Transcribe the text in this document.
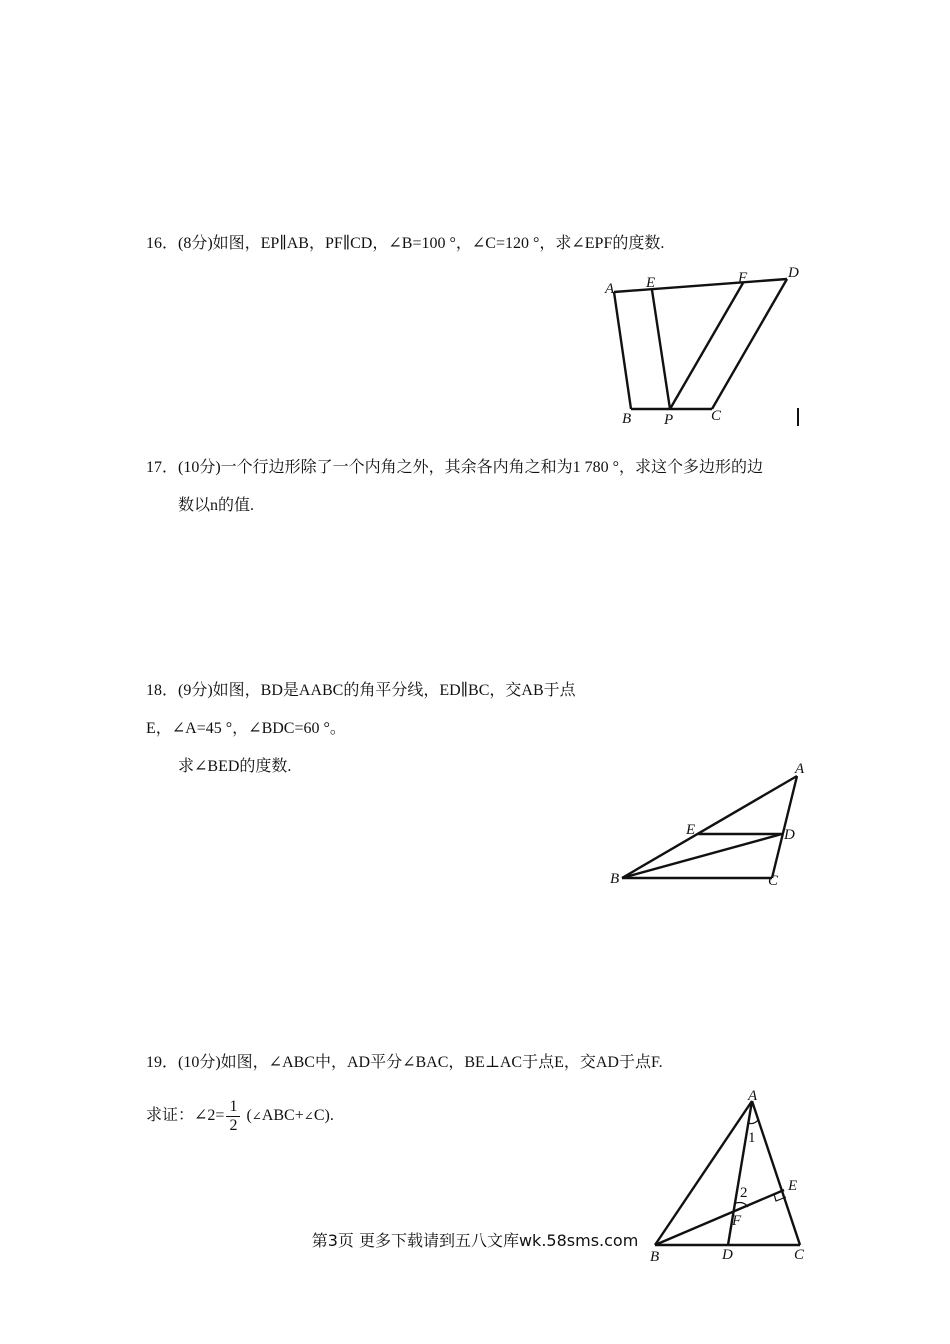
16．(8分)如图，EP∥AB，PF∥CD，∠B=100 °，∠C=120 °，求∠EPF的度数.
A E	F	D
B P	C
17．(10分)一个行边形除了一个内角之外，其余各内角之和为1 780 °，求这个多边形的边
数以n的值.
18．(9分)如图，BD是AABC的角平分线，ED∥BC，交AB于点
E，∠A=45 °，∠BDC=60 °。
求∠BED的度数.	A
E	D
B	C
19．(10分)如图，∠ABC中，AD平分∠BAC，BE⊥AC于点E，交AD于点F.
求证：∠2= $\frac{1}{2}$ (∠ABC+∠C).
A
B	C
D
E
F
1
2
第3页 更多下载请到五八文库wk.58sms.com
